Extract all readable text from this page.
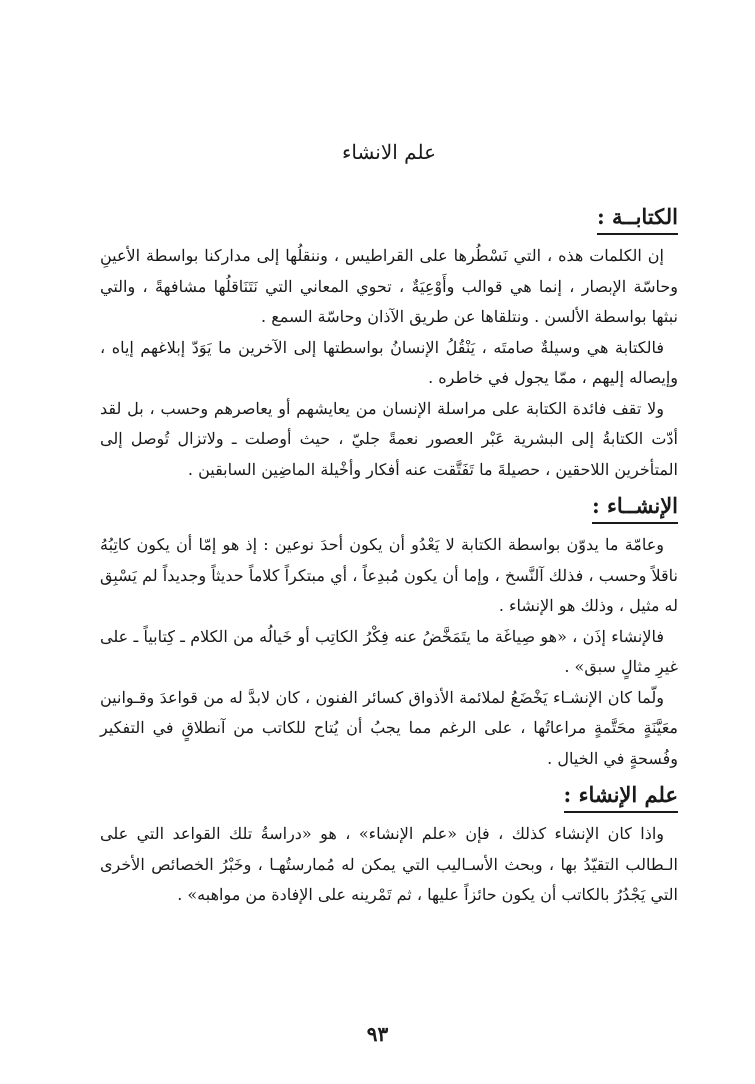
علم الانشاء
الكتابــة :

إن الكلمات هذه ، التي نَسْطُرها على القراطيس ، وننقلُها إلى مداركنا بواسطة الأعينِ وحاسّة الإبصار ، إنما هي قوالب وأَوْعِيَةٌ ، تحوي المعاني التي نَتَنَاقلُها مشافهةً ، والتي نبثها بواسطة الألسن . ونتلقاها عن طريق الآذان وحاسّة السمع .

فالكتابة هي وسيلةٌ صامتَه ، يَنْقُلُ الإنسانُ بواسطتها إلى الآخرين ما يَوَدّ إبلاغهم إياه ، وإيصاله إليهم ، ممّا يجول في خاطره .

ولا تقف فائدة الكتابة على مراسلة الإنسان من يعايشهم أو يعاصرهم وحسب ، بل لقد أدّت الكتابةُ إلى البشرية عَبْر العصور نعمةً جليّ ، حيث أوصلت ـ ولاتزال تُوصل إلى المتأخرين اللاحقين ، حصيلةَ ما تَفَتَّقت عنه أفكار وأخْيلة الماضِين السابقين .

الإنشــاء :

وعامّة ما يدوّن بواسطة الكتابة لا يَعْدُو أن يكون أحدَ نوعين : إذ هو إمّا أن يكون كاتِبُهُ ناقلاً وحسب ، فذلك آلنَّسخ ، وإما أن يكون مُبدِعاً ، أي مبتكراً كلاماً حديثاً وجديداً لم يَسْبِق له مثيل ، وذلك هو الإنشاء .

فالإنشاء إذَن ، «هو صِياغَة ما يتَمَخَّضُ عنه فِكْرُ الكاتِب أو خَيالُه من الكلام ـ كِتابياً ـ على غيرِ مثالٍ سبق» .

ولّما كان الإنشـاء يَخْضَعُ لملائمة الأذواق كسائر الفنون ، كان لابدَّ له من قواعدَ وقـوانين معَيَّنَةٍ محَتَّمةٍ مراعاتُها ، على الرغم مما يجبُ أن يُتاح للكاتب من آنطلاقٍ في التفكير وفُسحةٍ في الخيال .

علم الإنشاء :

واذا كان الإنشاء كذلك ، فإن «علم الإنشاء» ، هو «دراسةُ تلك القواعد التي على الـطالب التقيّدُ بها ، وبحث الأسـاليب التي يمكن له مُمارستُهـا ، وخَبْرُ الخصائص الأخرى التي يَجْدُرُ بالكاتب أن يكون حائزاً عليها ، ثم تَمْرينه على الإفادة من مواهبه» .

٩٣
